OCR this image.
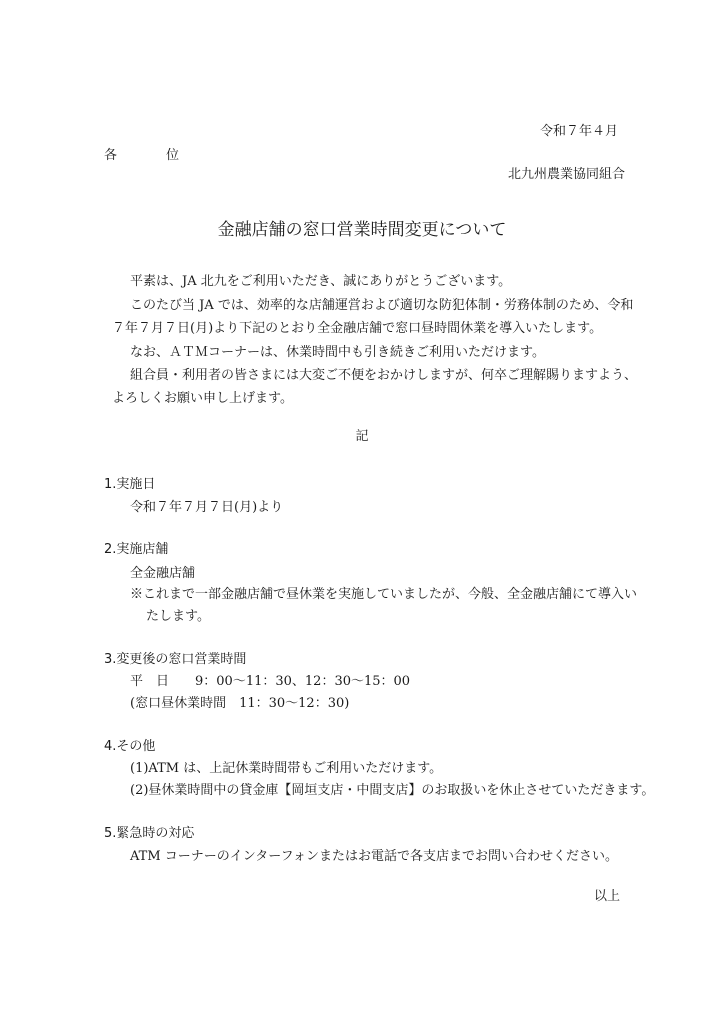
令和７年４月
各　位
北九州農業協同組合
金融店舗の窓口営業時間変更について
平素は、JA 北九をご利用いただき、誠にありがとうございます。
このたび当 JA では、効率的な店舗運営および適切な防犯体制・労務体制のため、令和
７年７月７日(月)より下記のとおり全金融店舗で窓口昼時間休業を導入いたします。
なお、ＡＴＭコーナーは、休業時間中も引き続きご利用いただけます。
組合員・利用者の皆さまには大変ご不便をおかけしますが、何卒ご理解賜りますよう、
よろしくお願い申し上げます。
記
1.実施日
令和７年７月７日(月)より
2.実施店舗
全金融店舗
※これまで一部金融店舗で昼休業を実施していましたが、今般、全金融店舗にて導入い
たします。
3.変更後の窓口営業時間
平　日　　9：00～11：30、12：30～15：00
(窓口昼休業時間　11：30～12：30)
4.その他
(1)ATM は、上記休業時間帯もご利用いただけます。
(2)昼休業時間中の貸金庫【岡垣支店・中間支店】のお取扱いを休止させていただきます。
5.緊急時の対応
ATM コーナーのインターフォンまたはお電話で各支店までお問い合わせください。
以上
